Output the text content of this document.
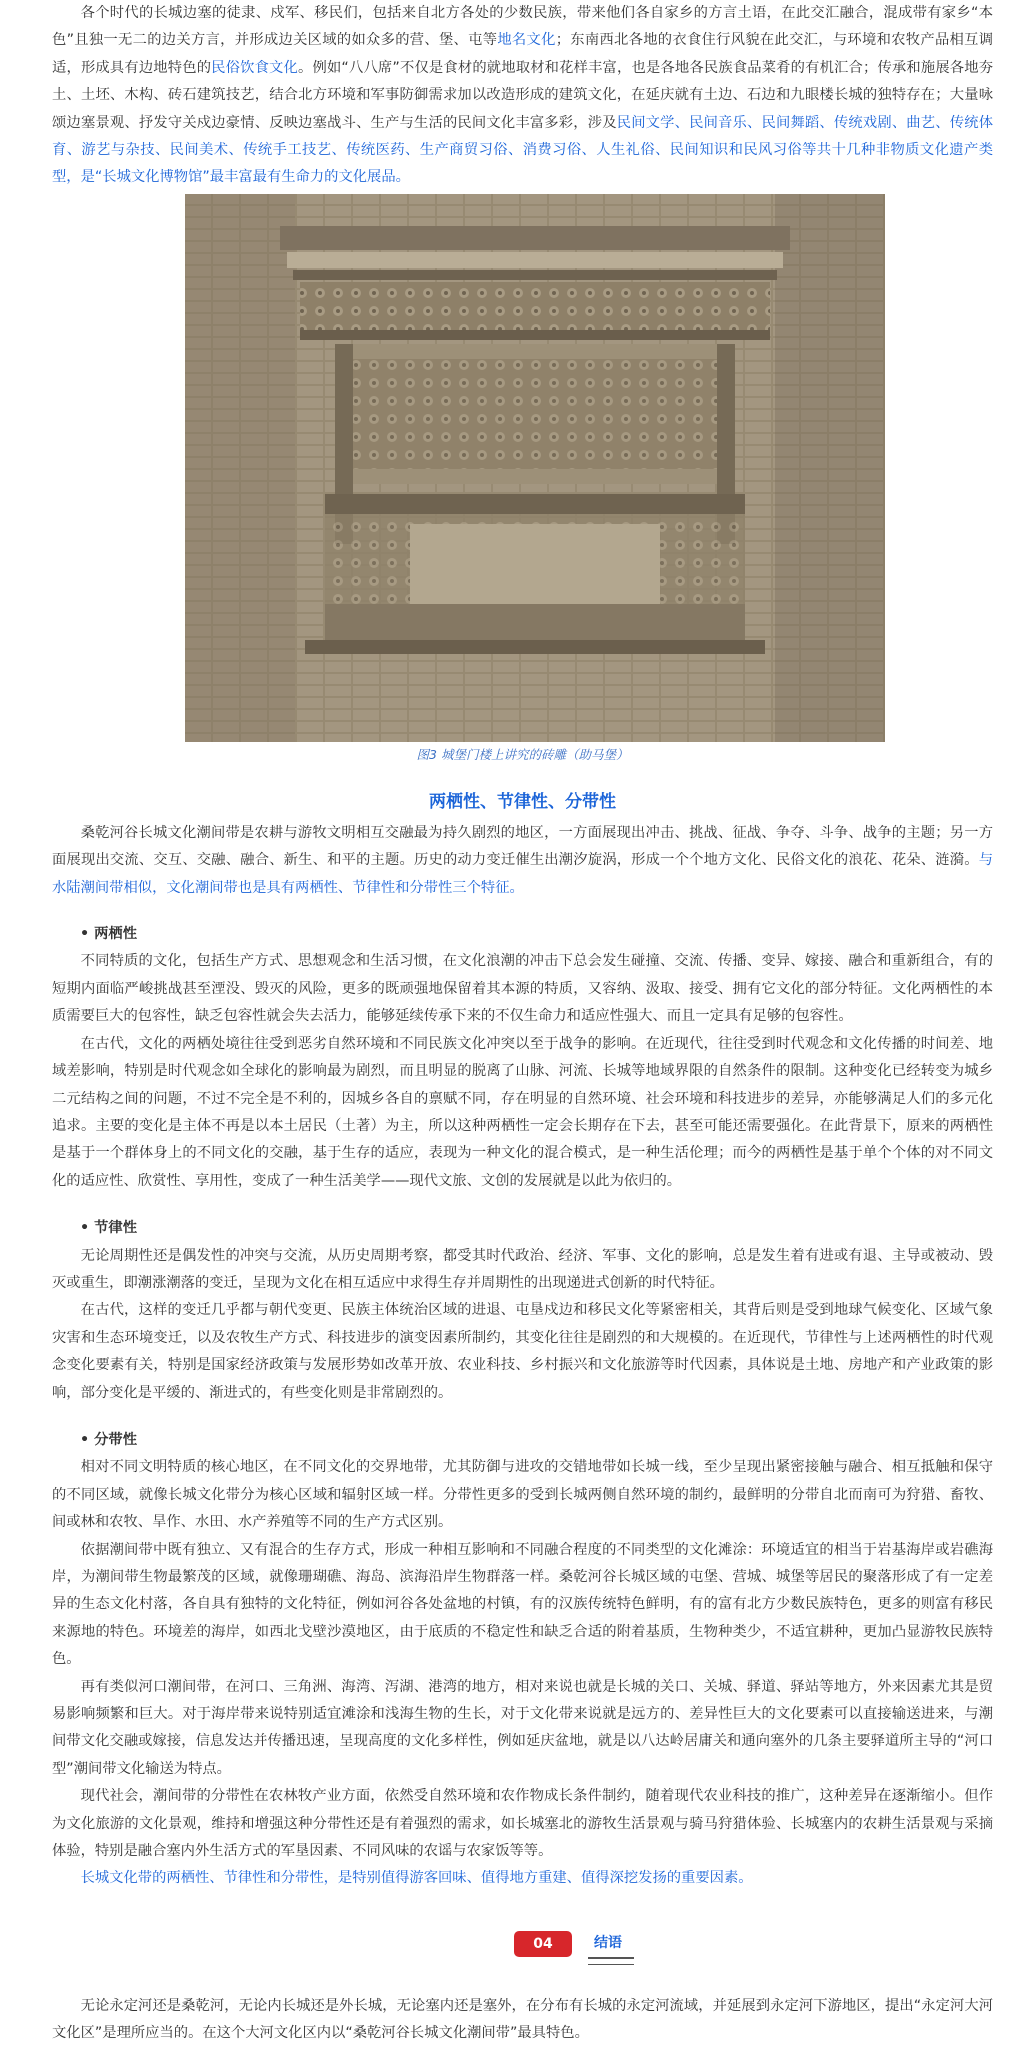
各个时代的长城边塞的徒隶、戍军、移民们，包括来自北方各处的少数民族，带来他们各自家乡的方言土语，在此交汇融合，混成带有家乡“本色”且独一无二的边关方言，并形成边关区域的如众多的营、堡、屯等地名文化；东南西北各地的衣食住行风貌在此交汇，与环境和农牧产品相互调适，形成具有边地特色的民俗饮食文化。例如“八八席”不仅是食材的就地取材和花样丰富，也是各地各民族食品菜肴的有机汇合；传承和施展各地夯土、土坯、木构、砖石建筑技艺，结合北方环境和军事防御需求加以改造形成的建筑文化，在延庆就有土边、石边和九眼楼长城的独特存在；大量咏颂边塞景观、抒发守关戍边豪情、反映边塞战斗、生产与生活的民间文化丰富多彩，涉及民间文学、民间音乐、民间舞蹈、传统戏剧、曲艺、传统体育、游艺与杂技、民间美术、传统手工技艺、传统医药、生产商贸习俗、消费习俗、人生礼俗、民间知识和民风习俗等共十几种非物质文化遗产类型，是“长城文化博物馆”最丰富最有生命力的文化展品。

图3 城堡门楼上讲究的砖雕（助马堡）

两栖性、节律性、分带性

桑乾河谷长城文化潮间带是农耕与游牧文明相互交融最为持久剧烈的地区，一方面展现出冲击、挑战、征战、争夺、斗争、战争的主题；另一方面展现出交流、交互、交融、融合、新生、和平的主题。历史的动力变迁催生出潮汐旋涡，形成一个个地方文化、民俗文化的浪花、花朵、涟漪。与水陆潮间带相似，文化潮间带也是具有两栖性、节律性和分带性三个特征。

• 两栖性

不同特质的文化，包括生产方式、思想观念和生活习惯，在文化浪潮的冲击下总会发生碰撞、交流、传播、变异、嫁接、融合和重新组合，有的短期内面临严峻挑战甚至湮没、毁灭的风险，更多的既顽强地保留着其本源的特质，又容纳、汲取、接受、拥有它文化的部分特征。文化两栖性的本质需要巨大的包容性，缺乏包容性就会失去活力，能够延续传承下来的不仅生命力和适应性强大、而且一定具有足够的包容性。

在古代，文化的两栖处境往往受到恶劣自然环境和不同民族文化冲突以至于战争的影响。在近现代，往往受到时代观念和文化传播的时间差、地域差影响，特别是时代观念如全球化的影响最为剧烈，而且明显的脱离了山脉、河流、长城等地域界限的自然条件的限制。这种变化已经转变为城乡二元结构之间的问题，不过不完全是不利的，因城乡各自的禀赋不同，存在明显的自然环境、社会环境和科技进步的差异，亦能够满足人们的多元化追求。主要的变化是主体不再是以本土居民（土著）为主，所以这种两栖性一定会长期存在下去，甚至可能还需要强化。在此背景下，原来的两栖性是基于一个群体身上的不同文化的交融，基于生存的适应，表现为一种文化的混合模式，是一种生活伦理；而今的两栖性是基于单个个体的对不同文化的适应性、欣赏性、享用性，变成了一种生活美学——现代文旅、文创的发展就是以此为依归的。

• 节律性

无论周期性还是偶发性的冲突与交流，从历史周期考察，都受其时代政治、经济、军事、文化的影响，总是发生着有进或有退、主导或被动、毁灭或重生，即潮涨潮落的变迁，呈现为文化在相互适应中求得生存并周期性的出现递进式创新的时代特征。

在古代，这样的变迁几乎都与朝代变更、民族主体统治区域的进退、屯垦戍边和移民文化等紧密相关，其背后则是受到地球气候变化、区域气象灾害和生态环境变迁，以及农牧生产方式、科技进步的演变因素所制约，其变化往往是剧烈的和大规模的。在近现代，节律性与上述两栖性的时代观念变化要素有关，特别是国家经济政策与发展形势如改革开放、农业科技、乡村振兴和文化旅游等时代因素，具体说是土地、房地产和产业政策的影响，部分变化是平缓的、渐进式的，有些变化则是非常剧烈的。

• 分带性

相对不同文明特质的核心地区，在不同文化的交界地带，尤其防御与进攻的交错地带如长城一线，至少呈现出紧密接触与融合、相互抵触和保守的不同区域，就像长城文化带分为核心区域和辐射区域一样。分带性更多的受到长城两侧自然环境的制约，最鲜明的分带自北而南可为狩猎、畜牧、间或林和农牧、旱作、水田、水产养殖等不同的生产方式区别。

依据潮间带中既有独立、又有混合的生存方式，形成一种相互影响和不同融合程度的不同类型的文化滩涂：环境适宜的相当于岩基海岸或岩礁海岸，为潮间带生物最繁茂的区域，就像珊瑚礁、海岛、滨海沿岸生物群落一样。桑乾河谷长城区域的屯堡、营城、城堡等居民的聚落形成了有一定差异的生态文化村落，各自具有独特的文化特征，例如河谷各处盆地的村镇，有的汉族传统特色鲜明，有的富有北方少数民族特色，更多的则富有移民来源地的特色。环境差的海岸，如西北戈壁沙漠地区，由于底质的不稳定性和缺乏合适的附着基质，生物种类少，不适宜耕种，更加凸显游牧民族特色。

再有类似河口潮间带，在河口、三角洲、海湾、泻湖、港湾的地方，相对来说也就是长城的关口、关城、驿道、驿站等地方，外来因素尤其是贸易影响频繁和巨大。对于海岸带来说特别适宜滩涂和浅海生物的生长，对于文化带来说就是远方的、差异性巨大的文化要素可以直接输送进来，与潮间带文化交融或嫁接，信息发达并传播迅速，呈现高度的文化多样性，例如延庆盆地，就是以八达岭居庸关和通向塞外的几条主要驿道所主导的“河口型”潮间带文化输送为特点。

现代社会，潮间带的分带性在农林牧产业方面，依然受自然环境和农作物成长条件制约，随着现代农业科技的推广，这种差异在逐渐缩小。但作为文化旅游的文化景观，维持和增强这种分带性还是有着强烈的需求，如长城塞北的游牧生活景观与骑马狩猎体验、长城塞内的农耕生活景观与采摘体验，特别是融合塞内外生活方式的军垦因素、不同风味的农谣与农家饭等等。

长城文化带的两栖性、节律性和分带性，是特别值得游客回味、值得地方重建、值得深挖发扬的重要因素。

04	结语

无论永定河还是桑乾河，无论内长城还是外长城，无论塞内还是塞外，在分布有长城的永定河流域，并延展到永定河下游地区，提出“永定河大河文化区”是理所应当的。在这个大河文化区内以“桑乾河谷长城文化潮间带”最具特色。
